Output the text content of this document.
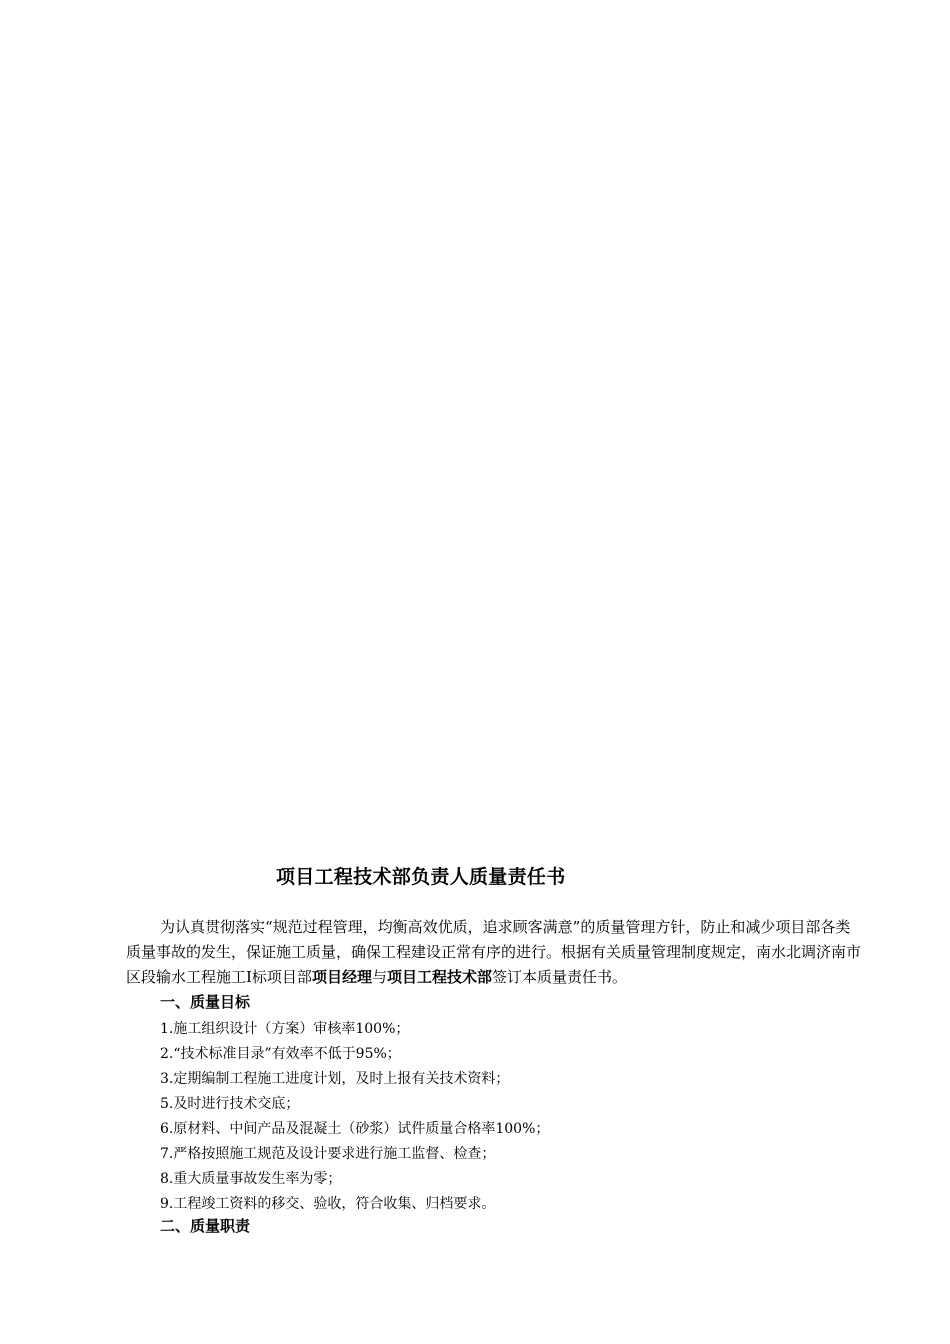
项目工程技术部负责人质量责任书

为认真贯彻落实“规范过程管理，均衡高效优质，追求顾客满意”的质量管理方针，防止和减少项目部各类质量事故的发生，保证施工质量，确保工程建设正常有序的进行。根据有关质量管理制度规定，南水北调济南市区段输水工程施工Ⅰ标项目部项目经理与项目工程技术部签订本质量责任书。

一、质量目标
1.施工组织设计（方案）审核率100%；
2.“技术标准目录”有效率不低于95%；
3.定期编制工程施工进度计划，及时上报有关技术资料；
5.及时进行技术交底；
6.原材料、中间产品及混凝土（砂浆）试件质量合格率100%；
7.严格按照施工规范及设计要求进行施工监督、检查；
8.重大质量事故发生率为零；
9.工程竣工资料的移交、验收，符合收集、归档要求。
二、质量职责
